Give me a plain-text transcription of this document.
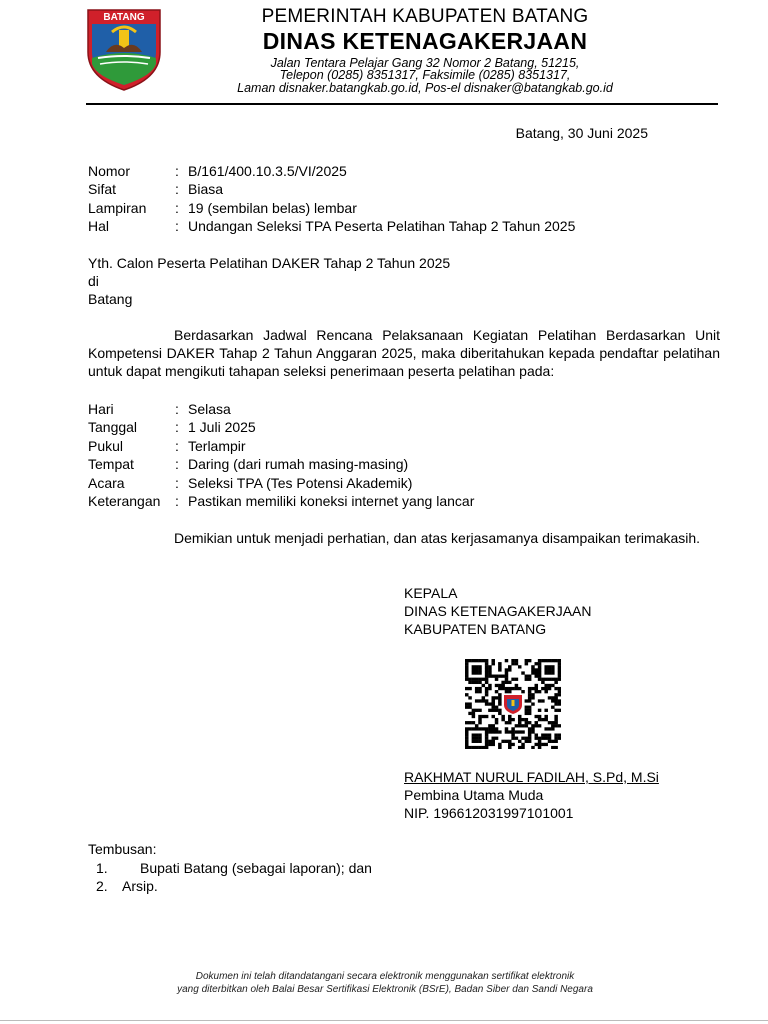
BATANG	PEMERINTAH KABUPATEN BATANG
DINAS KETENAGAKERJAAN
Jalan Tentara Pelajar Gang 32 Nomor 2 Batang, 51215,
Telepon (0285) 8351317, Faksimile (0285) 8351317,
Laman disnaker.batangkab.go.id, Pos-el disnaker@batangkab.go.id
Batang, 30 Juni 2025
Nomor	: B/161/400.10.3.5/VI/2025
Sifat	: Biasa
Lampiran : 19 (sembilan belas) lembar
Hal	: Undangan Seleksi TPA Peserta Pelatihan Tahap 2 Tahun 2025
Yth. Calon Peserta Pelatihan DAKER Tahap 2 Tahun 2025
di
Batang
Berdasarkan Jadwal Rencana Pelaksanaan Kegiatan Pelatihan Berdasarkan Unit Kompetensi DAKER Tahap 2 Tahun Anggaran 2025, maka diberitahukan kepada pendaftar pelatihan untuk dapat mengikuti tahapan seleksi penerimaan peserta pelatihan pada:
Hari	: Selasa
Tanggal	: 1 Juli 2025
Pukul	: Terlampir
Tempat	: Daring (dari rumah masing-masing)
Acara	: Seleksi TPA (Tes Potensi Akademik)
Keterangan : Pastikan memiliki koneksi internet yang lancar
Demikian untuk menjadi perhatian, dan atas kerjasamanya disampaikan terimakasih.
KEPALA
DINAS KETENAGAKERJAAN
KABUPATEN BATANG
RAKHMAT NURUL FADILAH, S.Pd, M.Si
Pembina Utama Muda
NIP. 196612031997101001
Tembusan:
1. Bupati Batang (sebagai laporan); dan
2. Arsip.
Dokumen ini telah ditandatangani secara elektronik menggunakan sertifikat elektronik
yang diterbitkan oleh Balai Besar Sertifikasi Elektronik (BSrE), Badan Siber dan Sandi Negara
